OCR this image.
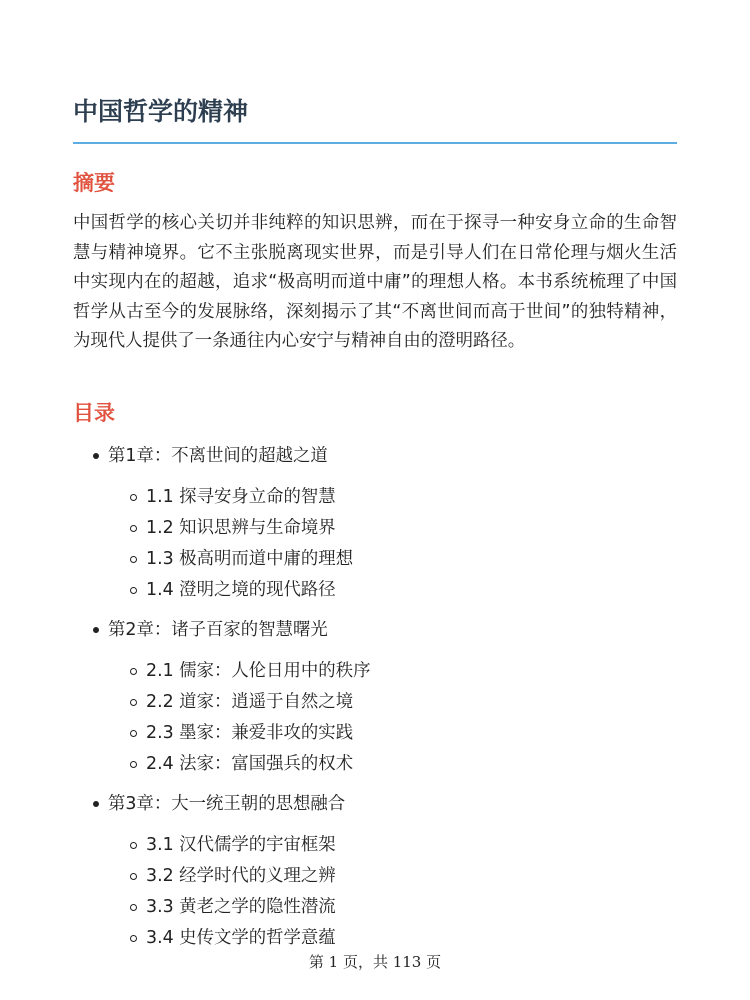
中国哲学的精神
摘要

中国哲学的核心关切并非纯粹的知识思辨，而在于探寻一种安身立命的生命智慧与精神境界。它不主张脱离现实世界，而是引导人们在日常伦理与烟火生活中实现内在的超越，追求“极高明而道中庸”的理想人格。本书系统梳理了中国哲学从古至今的发展脉络，深刻揭示了其“不离世间而高于世间”的独特精神，为现代人提供了一条通往内心安宁与精神自由的澄明路径。

目录
第1章：不离世间的超越之道
1.1 探寻安身立命的智慧
1.2 知识思辨与生命境界
1.3 极高明而道中庸的理想
1.4 澄明之境的现代路径
第2章：诸子百家的智慧曙光
2.1 儒家：人伦日用中的秩序
2.2 道家：逍遥于自然之境
2.3 墨家：兼爱非攻的实践
2.4 法家：富国强兵的权术
第3章：大一统王朝的思想融合
3.1 汉代儒学的宇宙框架
3.2 经学时代的义理之辨
3.3 黄老之学的隐性潜流
3.4 史传文学的哲学意蕴
第 1 页，共 113 页
